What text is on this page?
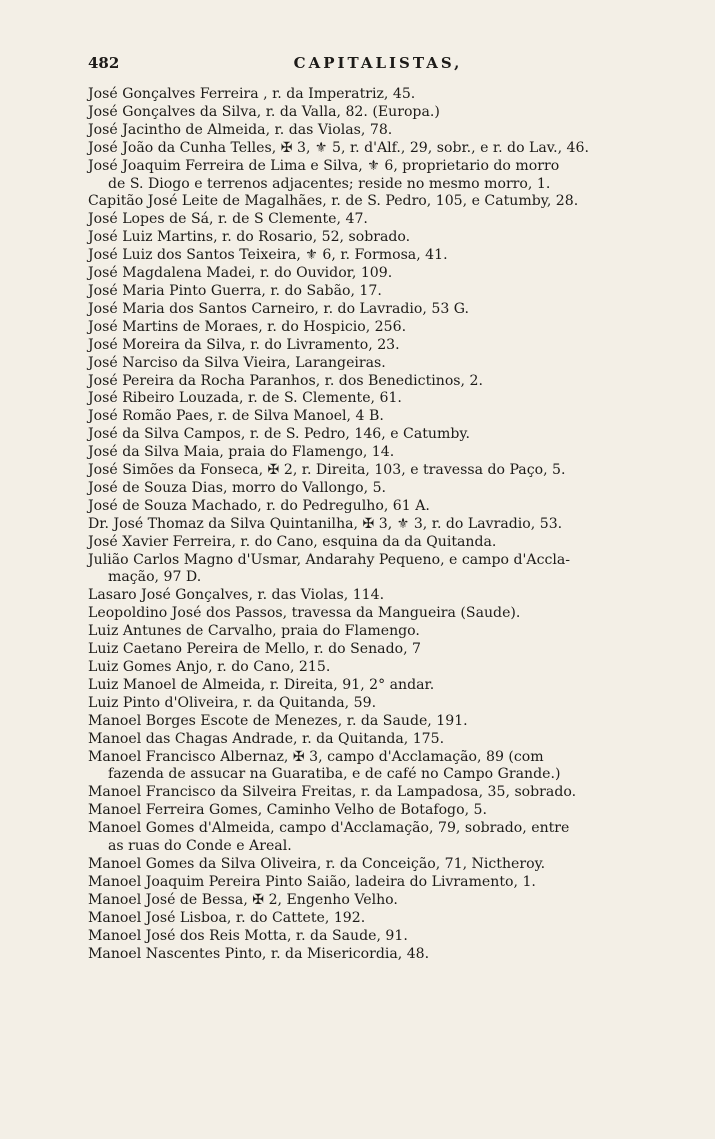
482	CAPITALISTAS,
José Gonçalves Ferreira , r. da Imperatriz, 45.
José Gonçalves da Silva, r. da Valla, 82. (Europa.)
José Jacintho de Almeida, r. das Violas, 78.
José João da Cunha Telles, ✠ 3, ⚜ 5, r. d'Alf., 29, sobr., e r. do Lav., 46.
José Joaquim Ferreira de Lima e Silva, ⚜ 6, proprietario do morro
de S. Diogo e terrenos adjacentes; reside no mesmo morro, 1.
Capitão José Leite de Magalhães, r. de S. Pedro, 105, e Catumby, 28.
José Lopes de Sá, r. de S Clemente, 47.
José Luiz Martins, r. do Rosario, 52, sobrado.
José Luiz dos Santos Teixeira, ⚜ 6, r. Formosa, 41.
José Magdalena Madei, r. do Ouvidor, 109.
José Maria Pinto Guerra, r. do Sabão, 17.
José Maria dos Santos Carneiro, r. do Lavradio, 53 G.
José Martins de Moraes, r. do Hospicio, 256.
José Moreira da Silva, r. do Livramento, 23.
José Narciso da Silva Vieira, Larangeiras.
José Pereira da Rocha Paranhos, r. dos Benedictinos, 2.
José Ribeiro Louzada, r. de S. Clemente, 61.
José Romão Paes, r. de Silva Manoel, 4 B.
José da Silva Campos, r. de S. Pedro, 146, e Catumby.
José da Silva Maia, praia do Flamengo, 14.
José Simões da Fonseca, ✠ 2, r. Direita, 103, e travessa do Paço, 5.
José de Souza Dias, morro do Vallongo, 5.
José de Souza Machado, r. do Pedregulho, 61 A.
Dr. José Thomaz da Silva Quintanilha, ✠ 3, ⚜ 3, r. do Lavradio, 53.
José Xavier Ferreira, r. do Cano, esquina da da Quitanda.
Julião Carlos Magno d'Usmar, Andarahy Pequeno, e campo d'Accla-
mação, 97 D.
Lasaro José Gonçalves, r. das Violas, 114.
Leopoldino José dos Passos, travessa da Mangueira (Saude).
Luiz Antunes de Carvalho, praia do Flamengo.
Luiz Caetano Pereira de Mello, r. do Senado, 7
Luiz Gomes Anjo, r. do Cano, 215.
Luiz Manoel de Almeida, r. Direita, 91, 2° andar.
Luiz Pinto d'Oliveira, r. da Quitanda, 59.
Manoel Borges Escote de Menezes, r. da Saude, 191.
Manoel das Chagas Andrade, r. da Quitanda, 175.
Manoel Francisco Albernaz, ✠ 3, campo d'Acclamação, 89 (com
fazenda de assucar na Guaratiba, e de café no Campo Grande.)
Manoel Francisco da Silveira Freitas, r. da Lampadosa, 35, sobrado.
Manoel Ferreira Gomes, Caminho Velho de Botafogo, 5.
Manoel Gomes d'Almeida, campo d'Acclamação, 79, sobrado, entre
as ruas do Conde e Areal.
Manoel Gomes da Silva Oliveira, r. da Conceição, 71, Nictheroy.
Manoel Joaquim Pereira Pinto Saião, ladeira do Livramento, 1.
Manoel José de Bessa, ✠ 2, Engenho Velho.
Manoel José Lisboa, r. do Cattete, 192.
Manoel José dos Reis Motta, r. da Saude, 91.
Manoel Nascentes Pinto, r. da Misericordia, 48.
